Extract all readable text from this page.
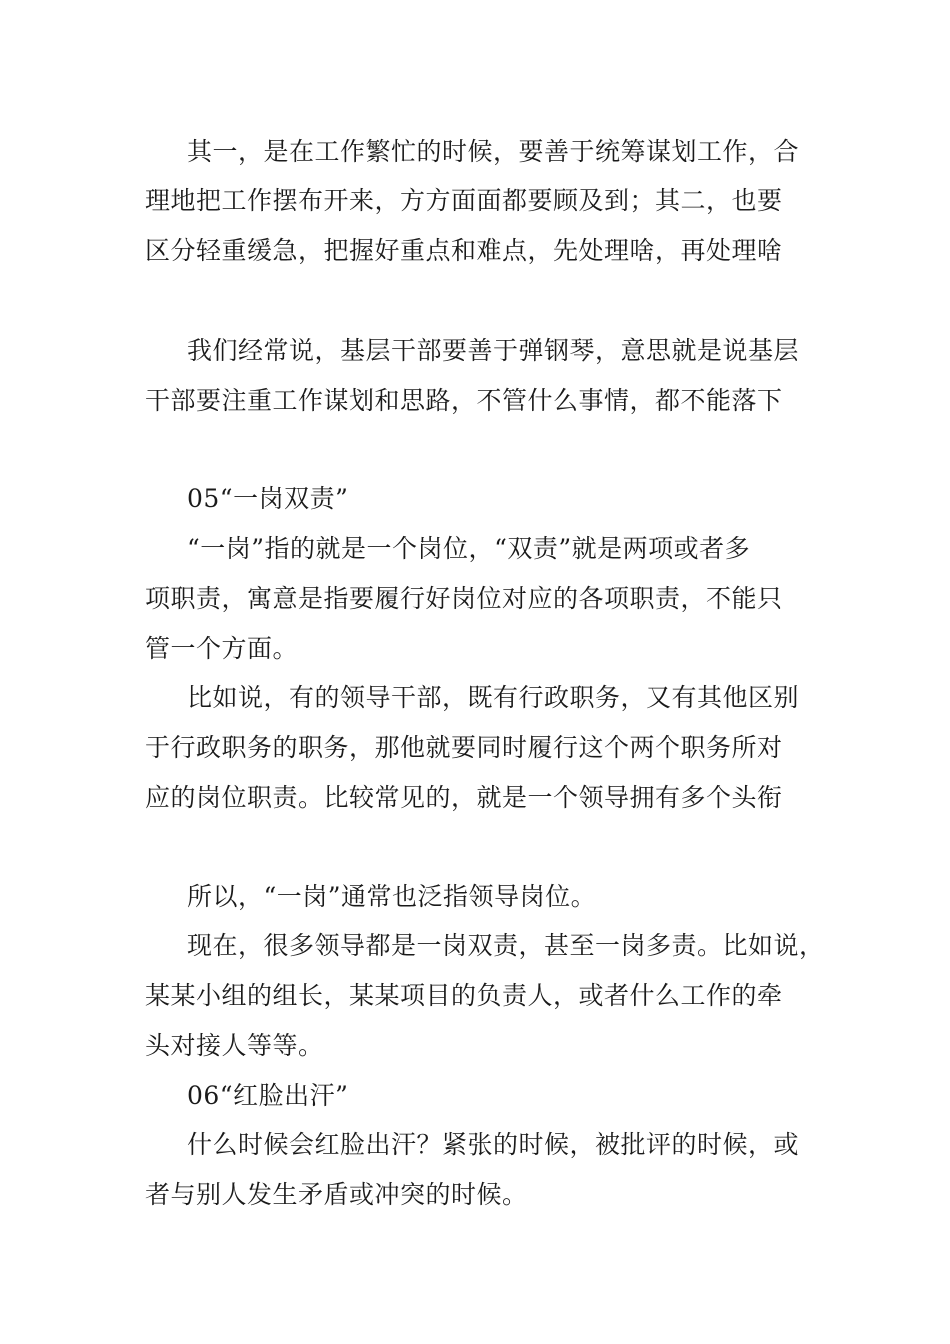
其一，是在工作繁忙的时候，要善于统筹谋划工作，合
理地把工作摆布开来，方方面面都要顾及到；其二，也要
区分轻重缓急，把握好重点和难点，先处理啥，再处理啥
我们经常说，基层干部要善于弹钢琴，意思就是说基层
干部要注重工作谋划和思路，不管什么事情，都不能落下
05“一岗双责”
“一岗”指的就是一个岗位，“双责”就是两项或者多
项职责，寓意是指要履行好岗位对应的各项职责，不能只
管一个方面。
比如说，有的领导干部，既有行政职务，又有其他区别
于行政职务的职务，那他就要同时履行这个两个职务所对
应的岗位职责。比较常见的，就是一个领导拥有多个头衔
所以，“一岗”通常也泛指领导岗位。
现在，很多领导都是一岗双责，甚至一岗多责。比如说，
某某小组的组长，某某项目的负责人，或者什么工作的牵
头对接人等等。
06“红脸出汗”
什么时候会红脸出汗？紧张的时候，被批评的时候，或
者与别人发生矛盾或冲突的时候。
